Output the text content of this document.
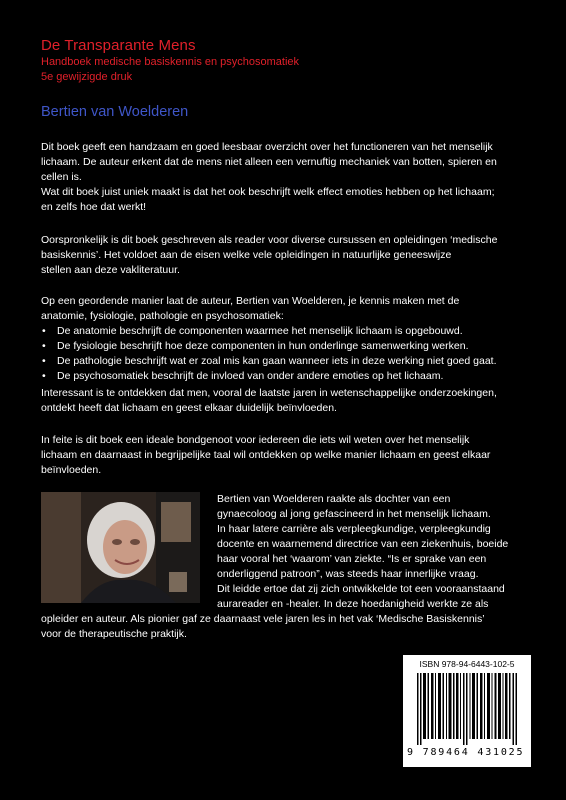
De Transparante Mens
Handboek medische basiskennis en psychosomatiek
5e gewijzigde druk
Bertien van Woelderen
Dit boek geeft een handzaam en goed leesbaar overzicht over het functioneren van het menselijk
lichaam. De auteur erkent dat de mens niet alleen een vernuftig mechaniek van botten, spieren en
cellen is.
Wat dit boek juist uniek maakt is dat het ook beschrijft welk effect emoties hebben op het lichaam;
en zelfs hoe dat werkt!
Oorspronkelijk is dit boek geschreven als reader voor diverse cursussen en opleidingen ‘medische
basiskennis’. Het voldoet aan de eisen welke vele opleidingen in natuurlijke geneeswijze
stellen aan deze vakliteratuur.
Op een geordende manier laat de auteur, Bertien van Woelderen, je kennis maken met de
anatomie, fysiologie, pathologie en psychosomatiek:
• De anatomie beschrijft de componenten waarmee het menselijk lichaam is opgebouwd.
• De fysiologie beschrijft hoe deze componenten in hun onderlinge samenwerking werken.
• De pathologie beschrijft wat er zoal mis kan gaan wanneer iets in deze werking niet goed gaat.
• De psychosomatiek beschrijft de invloed van onder andere emoties op het lichaam.
Interessant is te ontdekken dat men, vooral de laatste jaren in wetenschappelijke onderzoekingen,
ontdekt heeft dat lichaam en geest elkaar duidelijk beïnvloeden.
In feite is dit boek een ideale bondgenoot voor iedereen die iets wil weten over het menselijk
lichaam en daarnaast in begrijpelijke taal wil ontdekken op welke manier lichaam en geest elkaar
beïnvloeden.
Bertien van Woelderen raakte als dochter van een
gynaecoloog al jong gefascineerd in het menselijk lichaam.
In haar latere carrière als verpleegkundige, verpleegkundig
docente en waarnemend directrice van een ziekenhuis, boeide
haar vooral het ‘waarom’ van ziekte. “Is er sprake van een
onderliggend patroon”, was steeds haar innerlijke vraag.
Dit leidde ertoe dat zij zich ontwikkelde tot een vooraanstaand
aurareader en -healer. In deze hoedanigheid werkte ze als
opleider en auteur. Als pionier gaf ze daarnaast vele jaren les in het vak ‘Medische Basiskennis’
voor de therapeutische praktijk.
ISBN 978-94-6443-102-5
9 789464 431025
